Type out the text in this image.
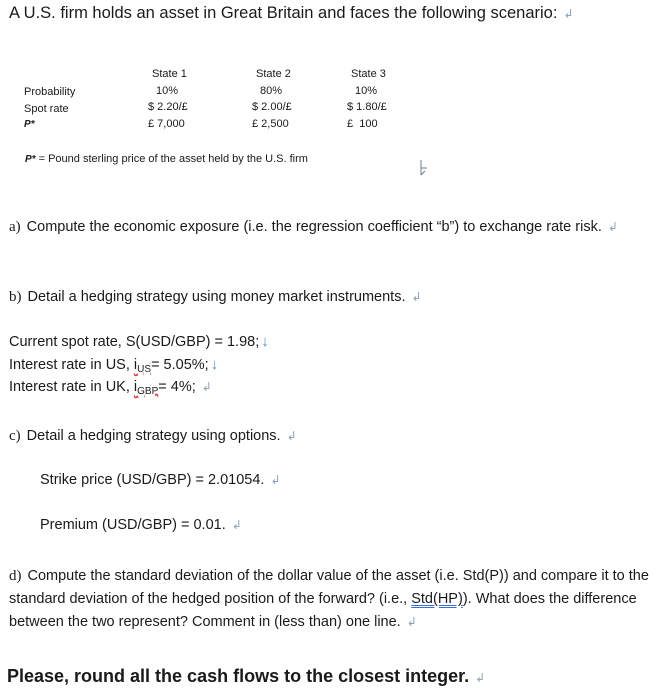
A U.S. firm holds an asset in Great Britain and faces the following scenario: ↲
Probability
Spot rate
P*
State 1
10%
$ 2.20/£
£ 7,000
State 2
80%
$ 2.00/£
£ 2,500
State 3
10%
$ 1.80/£
£  100
P* = Pound sterling price of the asset held by the U.S. firm
a) Compute the economic exposure (i.e. the regression coefficient “b”) to exchange rate risk. ↲
b) Detail a hedging strategy using money market instruments. ↲
Current spot rate, S(USD/GBP) = 1.98; ↓
Interest rate in US, $i_{US}= 5.05\%$; ↓
Interest rate in UK, $i_{GBP}= 4\%$; ↲
c) Detail a hedging strategy using options. ↲
Strike price (USD/GBP) = 2.01054. ↲
Premium (USD/GBP) = 0.01. ↲
d) Compute the standard deviation of the dollar value of the asset (i.e. Std(P)) and compare it to the standard deviation of the hedged position of the forward? (i.e., Std(HP)). What does the difference between the two represent? Comment in (less than) one line. ↲
Please, round all the cash flows to the closest integer. ↲
